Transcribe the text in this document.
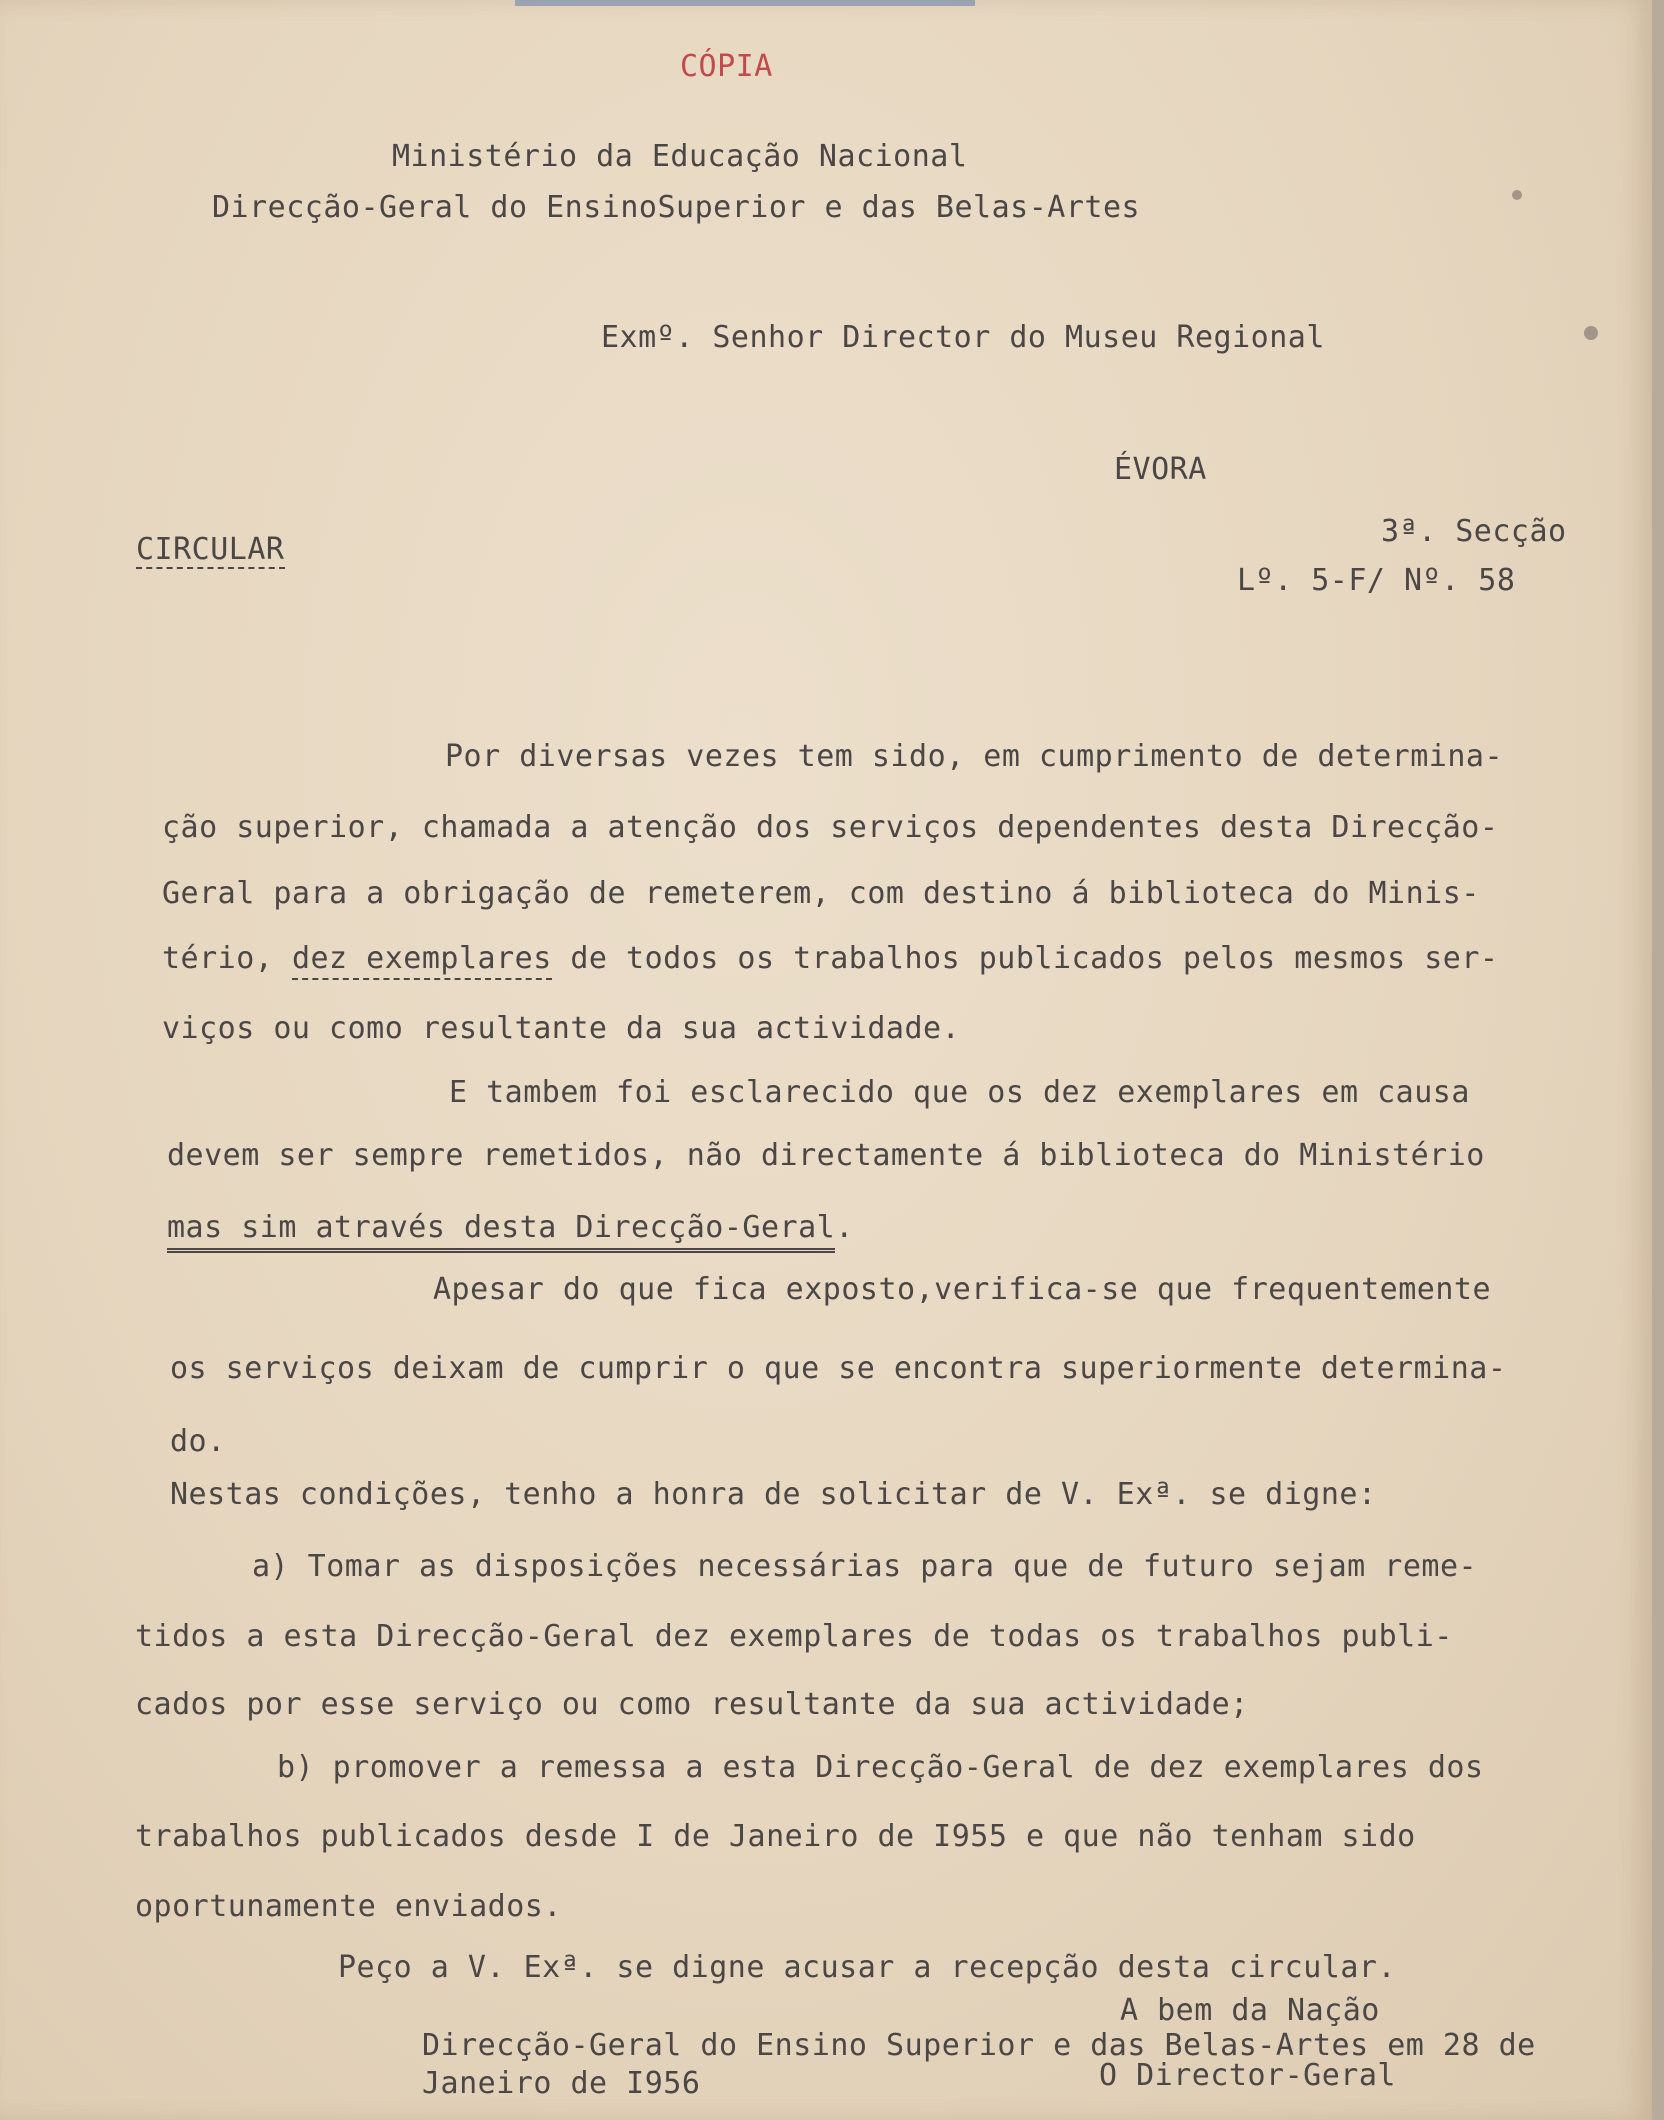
CÓPIA
Ministério da Educação Nacional
Direcção-Geral do EnsinoSuperior e das Belas-Artes
Exmº. Senhor Director do Museu Regional
ÉVORA
CIRCULAR
3ª. Secção
Lº. 5-F/ Nº. 58
Por diversas vezes tem sido, em cumprimento de determina-
ção superior, chamada a atenção dos serviços dependentes desta Direcção-
Geral para a obrigação de remeterem, com destino á biblioteca do Minis-
tério, dez exemplares de todos os trabalhos publicados pelos mesmos ser-
viços ou como resultante da sua actividade.
E tambem foi esclarecido que os dez exemplares em causa
devem ser sempre remetidos, não directamente á biblioteca do Ministério
mas sim através desta Direcção-Geral.
Apesar do que fica exposto,verifica-se que frequentemente
os serviços deixam de cumprir o que se encontra superiormente determina-
do.
Nestas condições, tenho a honra de solicitar de V. Exª. se digne:
a) Tomar as disposições necessárias para que de futuro sejam reme-
tidos a esta Direcção-Geral dez exemplares de todas os trabalhos publi-
cados por esse serviço ou como resultante da sua actividade;
b) promover a remessa a esta Direcção-Geral de dez exemplares dos
trabalhos publicados desde I de Janeiro de I955 e que não tenham sido
oportunamente enviados.
Peço a V. Exª. se digne acusar a recepção desta circular.
A bem da Nação
Direcção-Geral do Ensino Superior e das Belas-Artes em 28 de
Janeiro de I956	O Director-Geral
